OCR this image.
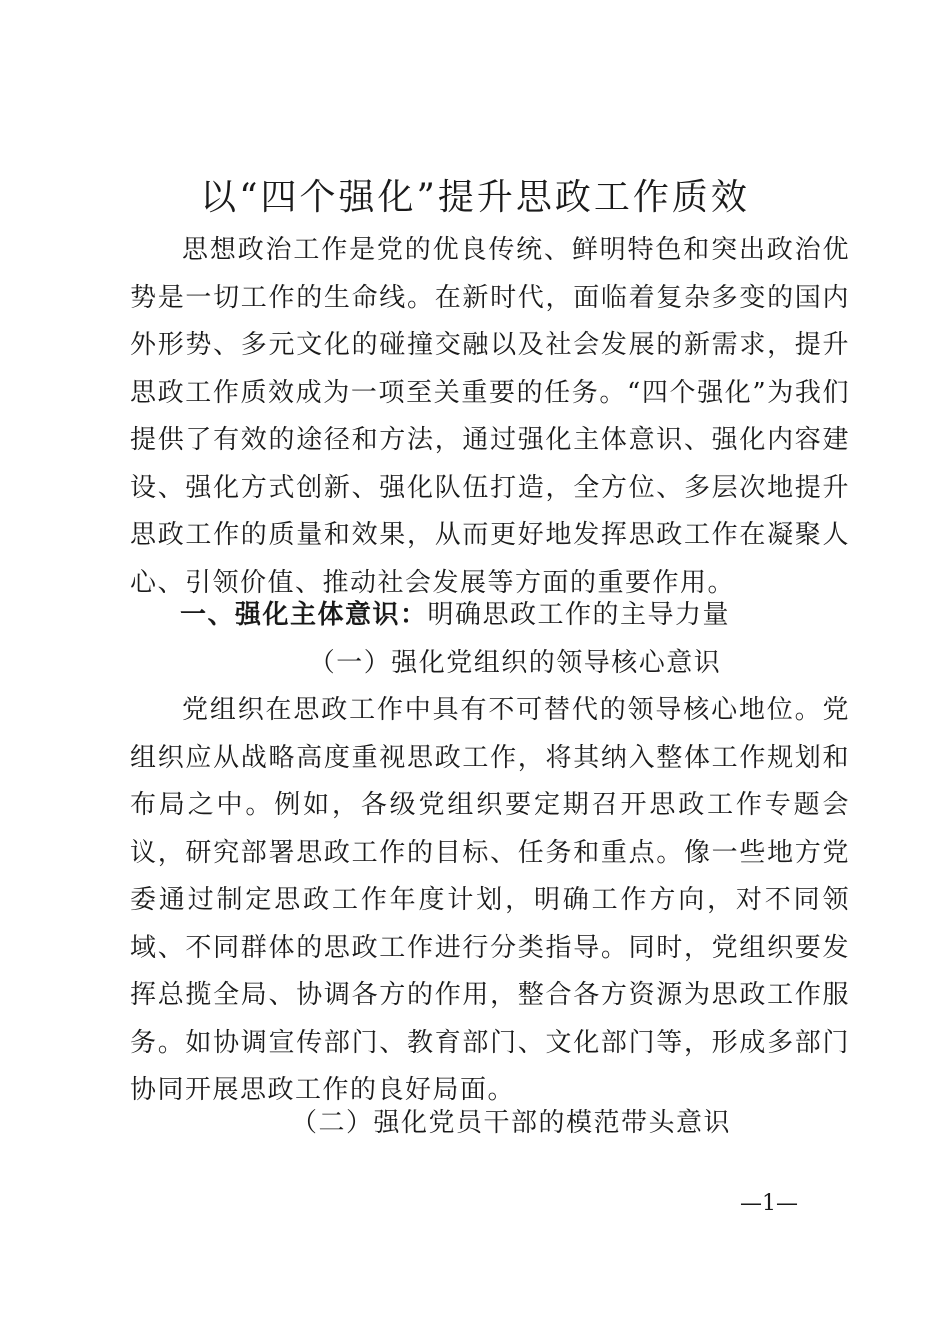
以“四个强化”提升思政工作质效

思想政治工作是党的优良传统、鲜明特色和突出政治优势是一切工作的生命线。在新时代，面临着复杂多变的国内外形势、多元文化的碰撞交融以及社会发展的新需求，提升思政工作质效成为一项至关重要的任务。“四个强化”为我们提供了有效的途径和方法，通过强化主体意识、强化内容建设、强化方式创新、强化队伍打造，全方位、多层次地提升思政工作的质量和效果，从而更好地发挥思政工作在凝聚人心、引领价值、推动社会发展等方面的重要作用。

一、强化主体意识：明确思政工作的主导力量

（一）强化党组织的领导核心意识

党组织在思政工作中具有不可替代的领导核心地位。党组织应从战略高度重视思政工作，将其纳入整体工作规划和布局之中。例如，各级党组织要定期召开思政工作专题会议，研究部署思政工作的目标、任务和重点。像一些地方党委通过制定思政工作年度计划，明确工作方向，对不同领域、不同群体的思政工作进行分类指导。同时，党组织要发挥总揽全局、协调各方的作用，整合各方资源为思政工作服务。如协调宣传部门、教育部门、文化部门等，形成多部门协同开展思政工作的良好局面。

（二）强化党员干部的模范带头意识

—1—
